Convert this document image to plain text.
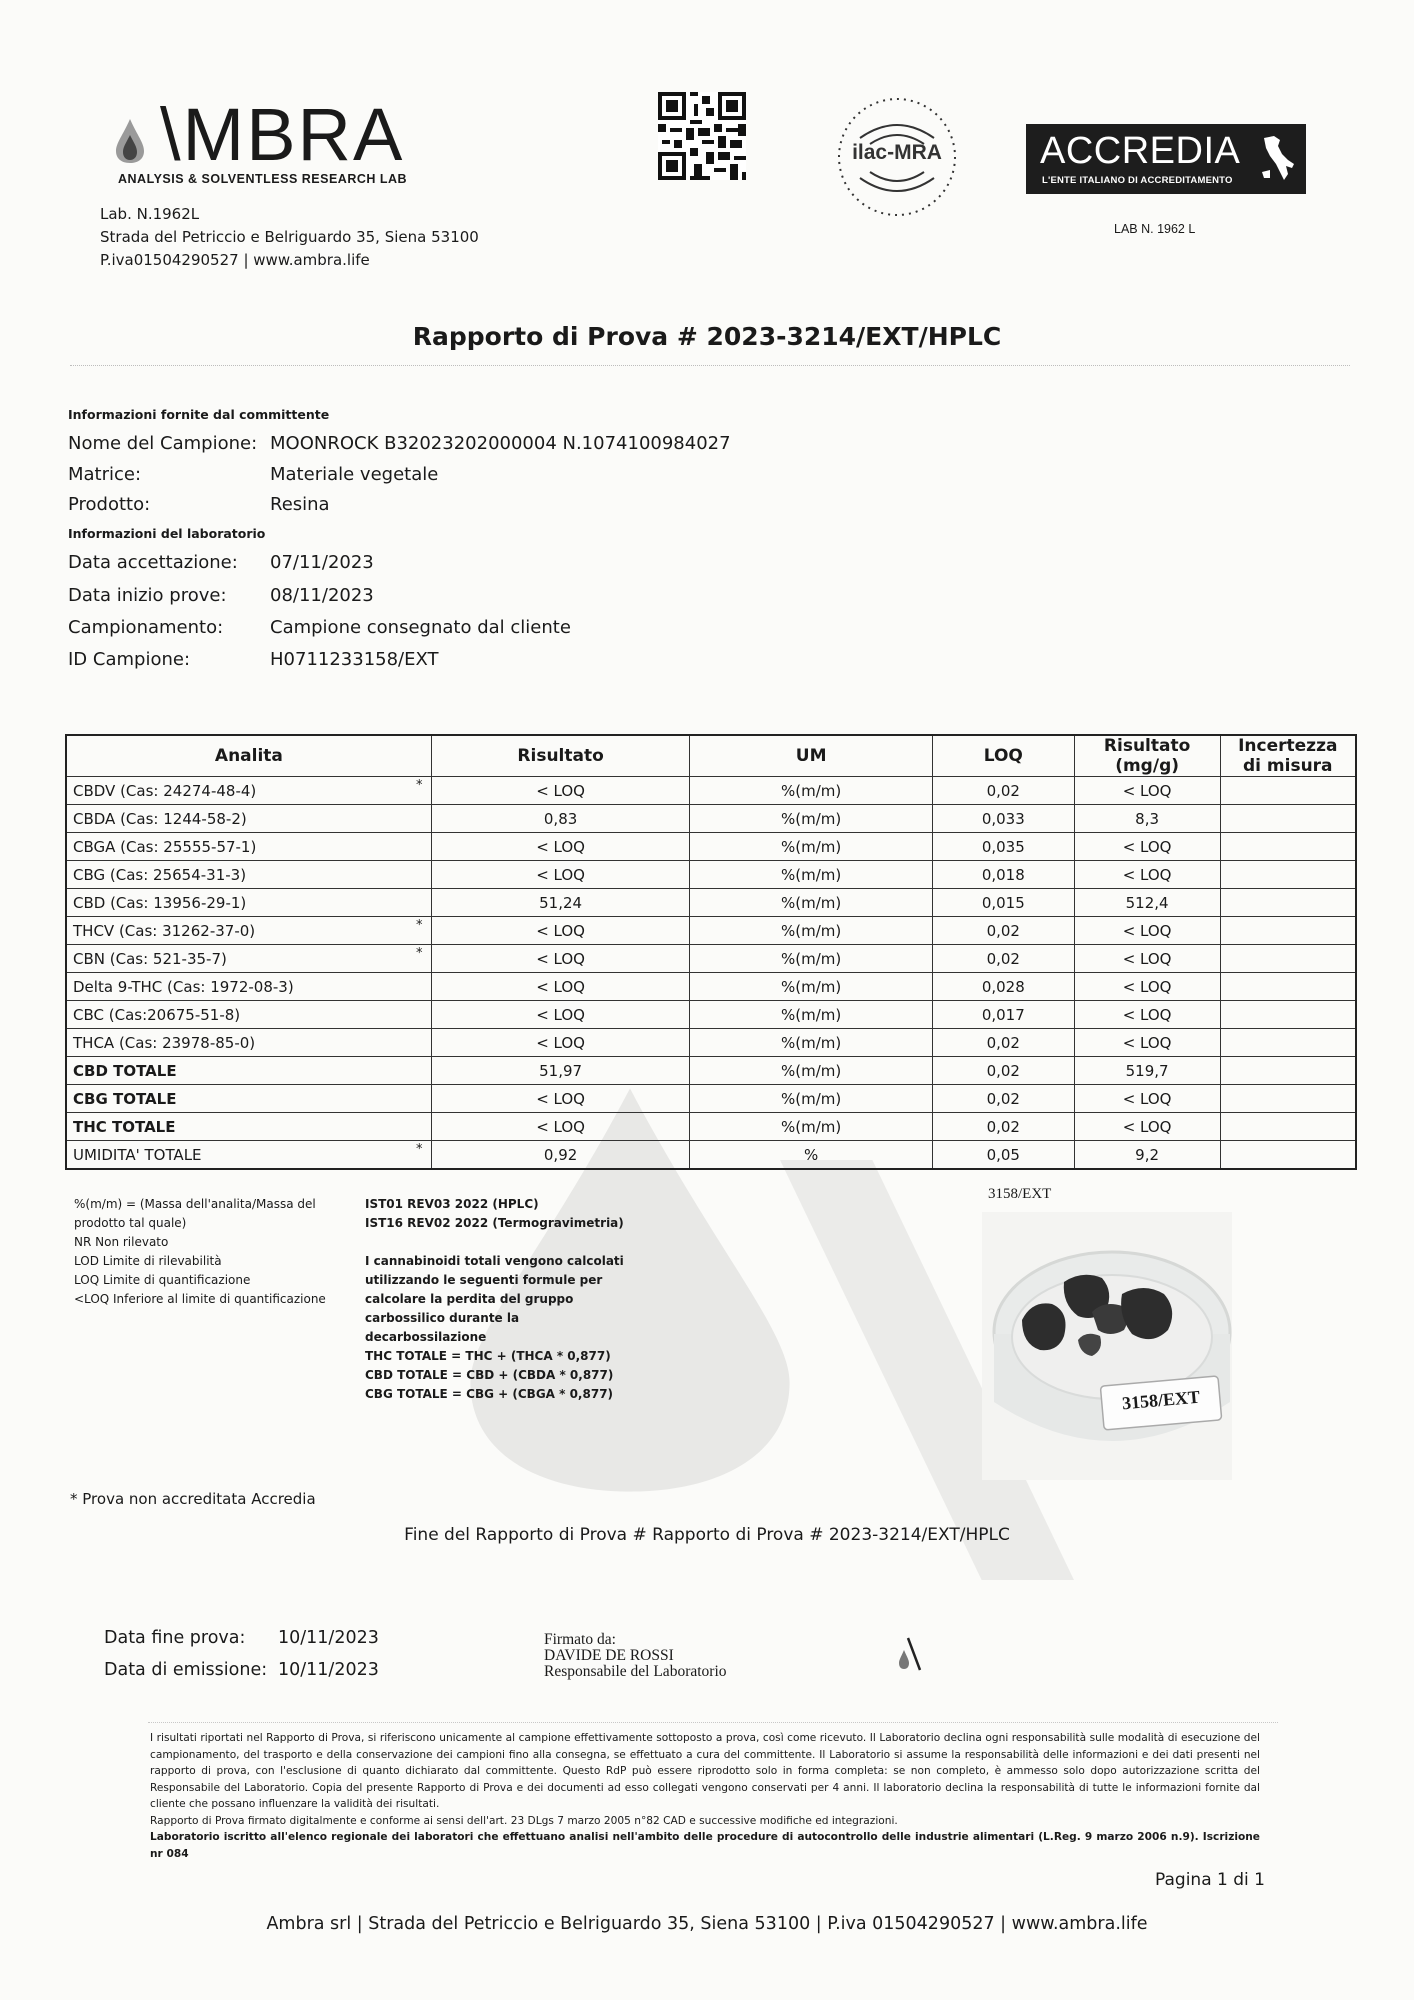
\MBRA
ANALYSIS & SOLVENTLESS RESEARCH LAB
Lab. N.1962L
Strada del Petriccio e Belriguardo 35, Siena 53100
P.iva01504290527 | www.ambra.life
ilac-MRA	ACCREDIA
L'ENTE ITALIANO DI ACCREDITAMENTO
LAB N. 1962 L
Rapporto di Prova # 2023-3214/EXT/HPLC
Informazioni fornite dal committente
Nome del Campione: MOONROCK B32023202000004 N.1074100984027
Matrice:	Materiale vegetale
Prodotto:	Resina
Informazioni del laboratorio
Data accettazione: 07/11/2023
Data inizio prove: 08/11/2023
Campionamento:	Campione consegnato dal cliente
ID Campione:	H0711233158/EXT
Analita	Risultato	UM	LOQ	Risultato (mg/g)	Incertezza di misura
CBDV (Cas: 24274-48-4) *	< LOQ	%(m/m)	0,02	< LOQ	
CBDA (Cas: 1244-58-2)	0,83	%(m/m)	0,033	8,3	
CBGA (Cas: 25555-57-1)	< LOQ	%(m/m)	0,035	< LOQ	
CBG (Cas: 25654-31-3)	< LOQ	%(m/m)	0,018	< LOQ	
CBD (Cas: 13956-29-1)	51,24	%(m/m)	0,015	512,4	
THCV (Cas: 31262-37-0) *	< LOQ	%(m/m)	0,02	< LOQ	
CBN (Cas: 521-35-7) *	< LOQ	%(m/m)	0,02	< LOQ	
Delta 9-THC (Cas: 1972-08-3)	< LOQ	%(m/m)	0,028	< LOQ	
CBC (Cas:20675-51-8)	< LOQ	%(m/m)	0,017	< LOQ	
THCA (Cas: 23978-85-0)	< LOQ	%(m/m)	0,02	< LOQ	
CBD TOTALE	51,97	%(m/m)	0,02	519,7	
CBG TOTALE	< LOQ	%(m/m)	0,02	< LOQ	
THC TOTALE	< LOQ	%(m/m)	0,02	< LOQ	
UMIDITA' TOTALE *	0,92	%	0,05	9,2	
%(m/m) = (Massa dell'analita/Massa del prodotto tal quale)
NR Non rilevato
LOD Limite di rilevabilità
LOQ Limite di quantificazione
<LOQ Inferiore al limite di quantificazione
IST01 REV03 2022 (HPLC)
IST16 REV02 2022 (Termogravimetria)
I cannabinoidi totali vengono calcolati utilizzando le seguenti formule per calcolare la perdita del gruppo carbossilico durante la decarbossilazione
THC TOTALE = THC + (THCA * 0,877)
CBD TOTALE = CBD + (CBDA * 0,877)
CBG TOTALE = CBG + (CBGA * 0,877)
3158/EXT
3158/EXT
* Prova non accreditata Accredia
Fine del Rapporto di Prova # Rapporto di Prova # 2023-3214/EXT/HPLC
Data fine prova: 10/11/2023
Data di emissione: 10/11/2023
Firmato da:
DAVIDE DE ROSSI
Responsabile del Laboratorio
I risultati riportati nel Rapporto di Prova, si riferiscono unicamente al campione effettivamente sottoposto a prova, così come ricevuto. Il Laboratorio declina ogni responsabilità sulle modalità di esecuzione del campionamento, del trasporto e della conservazione dei campioni fino alla consegna, se effettuato a cura del committente. Il Laboratorio si assume la responsabilità delle informazioni e dei dati presenti nel rapporto di prova, con l'esclusione di quanto dichiarato dal committente. Questo RdP può essere riprodotto solo in forma completa: se non completo, è ammesso solo dopo autorizzazione scritta del Responsabile del Laboratorio. Copia del presente Rapporto di Prova e dei documenti ad esso collegati vengono conservati per 4 anni. Il laboratorio declina la responsabilità di tutte le informazioni fornite dal cliente che possano influenzare la validità dei risultati.
Rapporto di Prova firmato digitalmente e conforme ai sensi dell'art. 23 DLgs 7 marzo 2005 n°82 CAD e successive modifiche ed integrazioni.
Laboratorio iscritto all'elenco regionale dei laboratori che effettuano analisi nell'ambito delle procedure di autocontrollo delle industrie alimentari (L.Reg. 9 marzo 2006 n.9). Iscrizione nr 084
Pagina 1 di 1
Ambra srl | Strada del Petriccio e Belriguardo 35, Siena 53100 | P.iva 01504290527 | www.ambra.life
